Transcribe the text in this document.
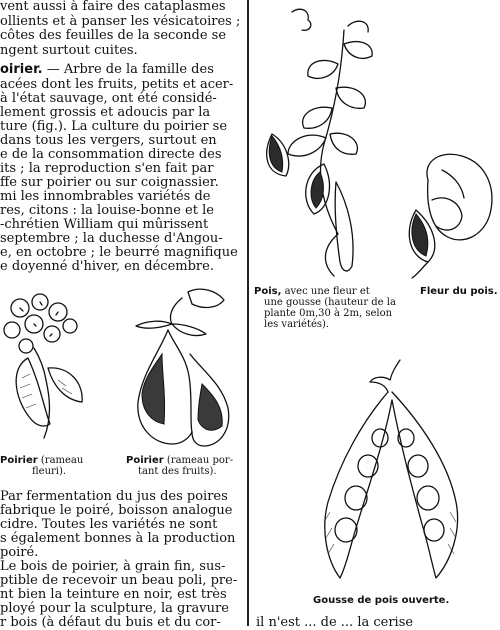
vent aussi à faire des cataplasmes
ollients et à panser les vésicatoires ;
côtes des feuilles de la seconde se
ngent surtout cuites.
oirier. — Arbre de la famille des
acées dont les fruits, petits et acer-
à l'état sauvage, ont été considé-
lement grossis et adoucis par la
ture (fig.). La culture du poirier se
dans tous les vergers, surtout en
e de la consommation directe des
its ; la reproduction s'en fait par
ffe sur poirier ou sur coignassier.
mi les innombrables variétés de
res, citons : la louise-bonne et le
-chrétien William qui mûrissent
septembre ; la duchesse d'Angou-
e, en octobre ; le beurré magnifique
e doyenné d'hiver, en décembre.
Poirier (rameau
fleuri).
Poirier (rameau por-
tant des fruits).
Par fermentation du jus des poires
fabrique le poiré, boisson analogue
cidre. Toutes les variétés ne sont
s également bonnes à la production
poiré.
Le bois de poirier, à grain fin, sus-
ptible de recevoir un beau poli, pre-
nt bien la teinture en noir, est très
ployé pour la sculpture, la gravure
r bois (à défaut du buis et du cor-
Pois, avec une fleur et
une gousse (hauteur de la
plante 0m,30 à 2m, selon
les variétés).
Fleur du pois.
Gousse de pois ouverte.
il n'est ... de ... la cerise
